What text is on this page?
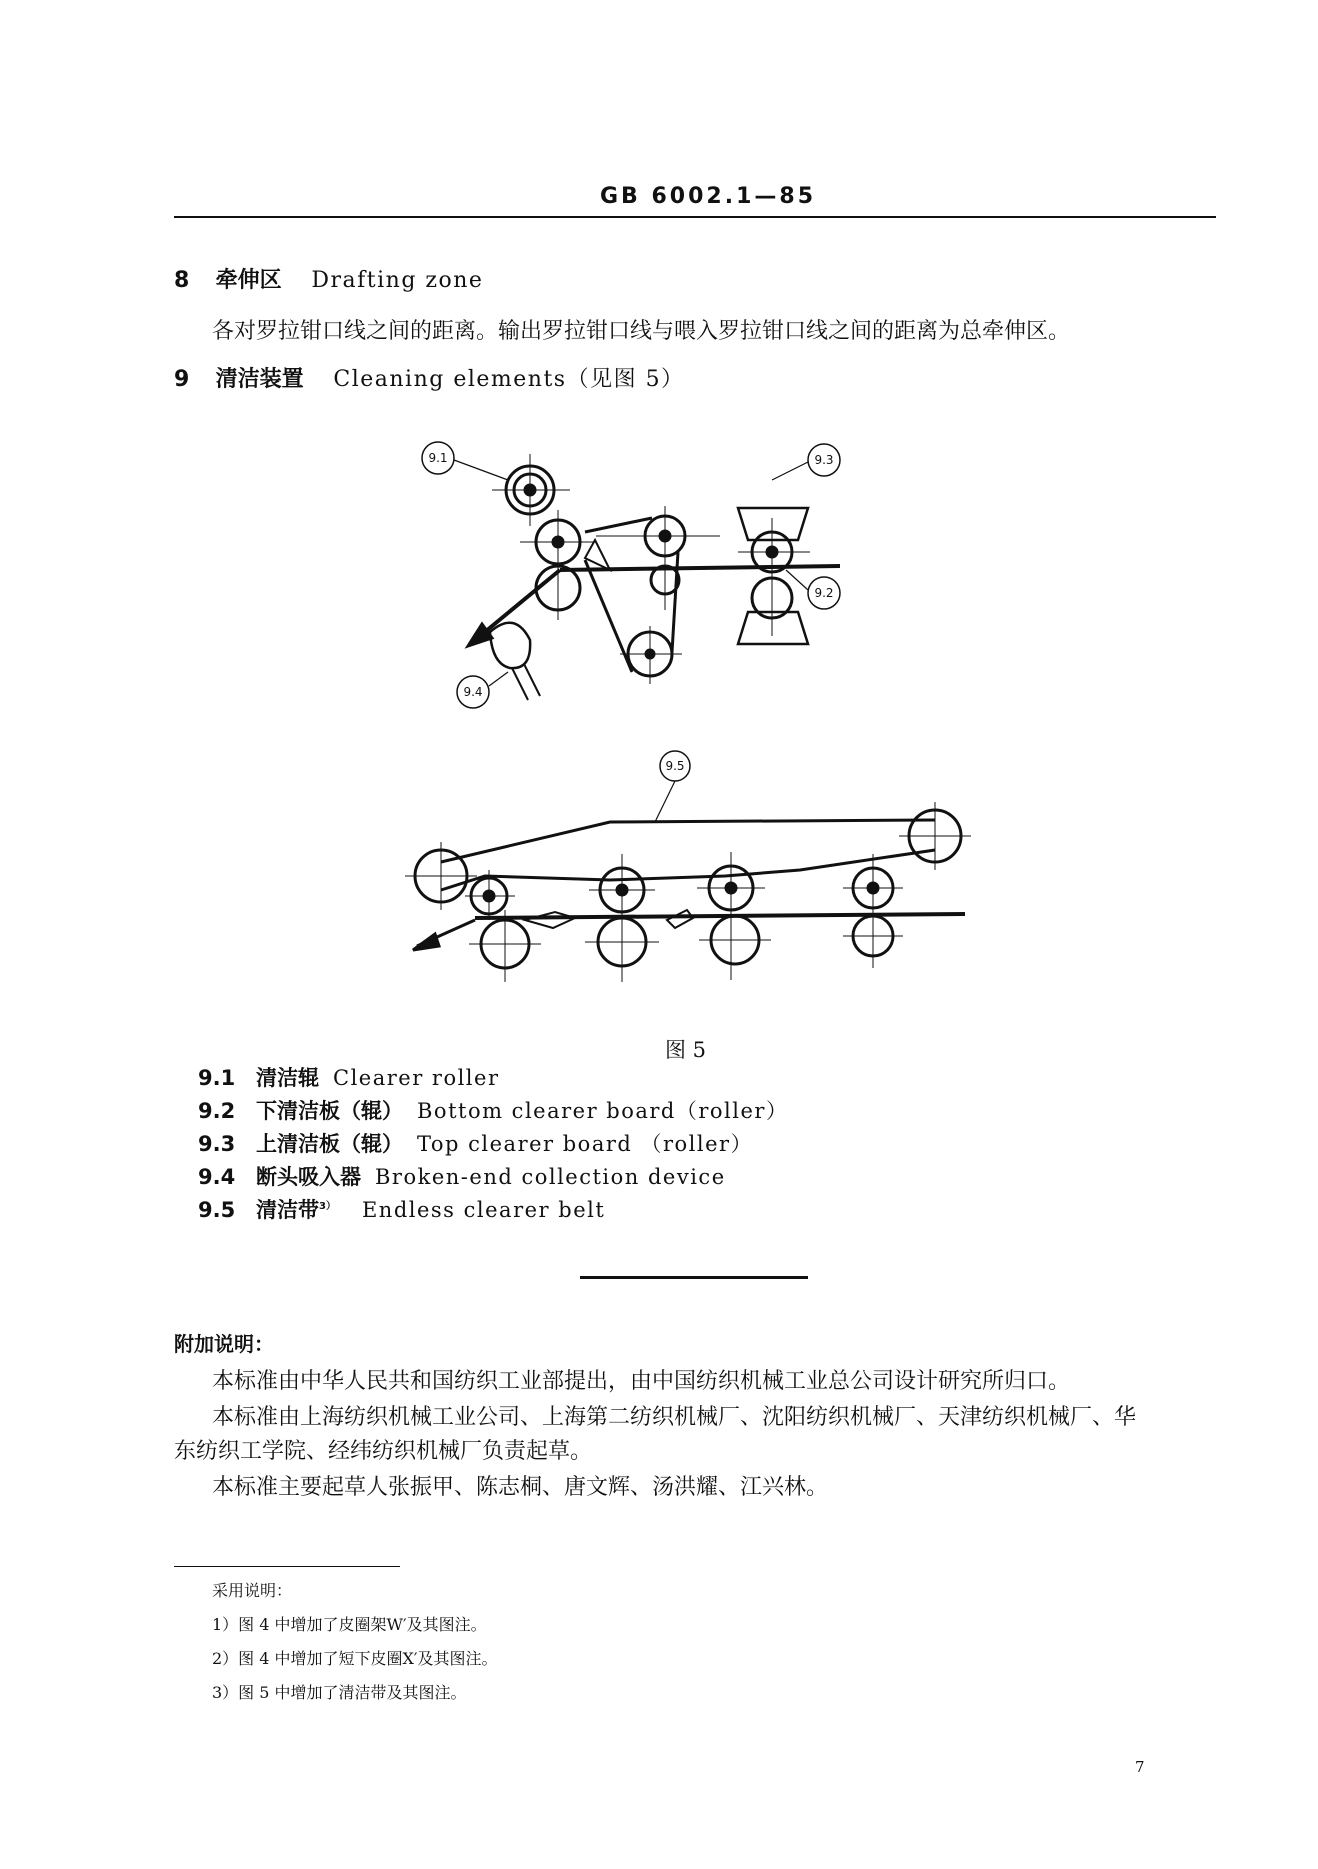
GB 6002.1—85
8 牵伸区 Drafting zone
各对罗拉钳口线之间的距离。输出罗拉钳口线与喂入罗拉钳口线之间的距离为总牵伸区。
9 清洁装置 Cleaning elements（见图 5）
9.1	9.3
9.2
9.4
9.5
图 5
9.1 清洁辊 Clearer roller
9.2 下清洁板（辊） Bottom clearer board（roller）
9.3 上清洁板（辊） Top clearer board （roller）
9.4 断头吸入器 Broken-end collection device
9.5 清洁带$^{3)}$ Endless clearer belt
附加说明：
本标准由中华人民共和国纺织工业部提出，由中国纺织机械工业总公司设计研究所归口。
本标准由上海纺织机械工业公司、上海第二纺织机械厂、沈阳纺织机械厂、天津纺织机械厂、华
东纺织工学院、经纬纺织机械厂负责起草。
本标准主要起草人张振甲、陈志桐、唐文辉、汤洪耀、江兴林。
采用说明：
1）图 4 中增加了皮圈架W′及其图注。
2）图 4 中增加了短下皮圈X′及其图注。
3）图 5 中增加了清洁带及其图注。
7
